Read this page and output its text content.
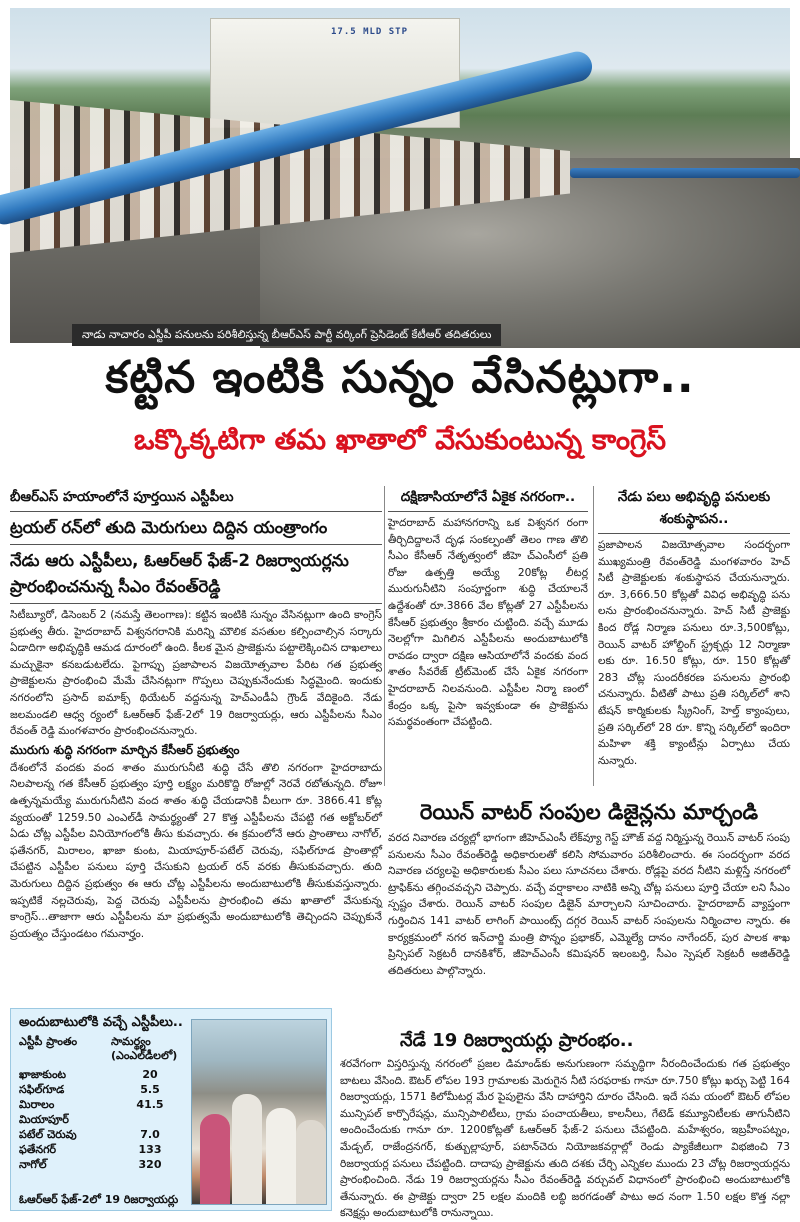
17.5 MLD STP
నాడు నాచారం ఎస్టీపీ పనులను పరిశీలిస్తున్న బీఆర్ఎస్ పార్టీ వర్కింగ్ ప్రెసిడెంట్ కేటీఆర్ తదితరులు
కట్టిన ఇంటికి సున్నం వేసినట్లుగా..
ఒక్కొక్కటిగా తమ ఖాతాలో వేసుకుంటున్న కాంగ్రెస్
బీఆర్ఎస్ హయాంలోనే పూర్తయిన ఎస్టీపీలు
ట్రయల్ రన్‌లో తుది మెరుగులు దిద్దిన యంత్రాంగం
నేడు ఆరు ఎస్టీపీలు, ఓఆర్ఆర్ ఫేజ్-2 రిజర్వాయర్లను ప్రారంభించనున్న సీఎం రేవంత్‌రెడ్డి

సిటీబ్యూరో, డిసెంబర్ 2 (నమస్తే తెలంగాణ): కట్టిన ఇంటికి సున్నం వేసినట్లుగా ఉంది కాంగ్రెస్ ప్రభుత్వ తీరు. హైదరాబాద్ విశ్వనగరానికి మరిన్ని మౌలిక వసతుల కల్పించాల్సిన సర్కారు ఏడాదిగా అభివృద్ధికి ఆమడ దూరంలో ఉంది. కీలక మైన ప్రాజెక్టును పట్టాలెక్కించిన దాఖలాలు మచ్చుకైనా కనబడుటలేదు. పైగాప్పు ప్రజాపాలన విజయోత్సవాల పేరిట గత ప్రభుత్వ ప్రాజెక్టులను ప్రారంభించి మేమే చేసినట్లుగా గొప్పలు చెప్పుకునేందుకు సిద్ధమైంది. ఇందుకు నగరంలోని ప్రసాద్ ఐమాక్స్ థియేటర్ వద్దనున్న హెచ్ఎండీఏ గ్రౌండ్ వేదికైంది. నేడు జలమండలి ఆధ్వ ర్యంలో ఓఆర్ఆర్ ఫేజ్-2లో 19 రిజర్వాయర్లు, ఆరు ఎస్టీపీలను సీఎం రేవంత్ రెడ్డి మంగళవారం ప్రారంభించనున్నారు.

మురుగు శుద్ధి నగరంగా మార్చిన కేసీఆర్ ప్రభుత్వం

దేశంలోనే వందకు వంద శాతం మురుగునీటి శుద్ధి చేసే తొలి నగరంగా హైదరాబాదు నిలపాలన్న గత కేసీఆర్ ప్రభుత్వం పూర్తి లక్ష్యం మరికొద్ది రోజుల్లో నెరవే రబోతున్నది. రోజూ ఉత్పన్నమయ్యే మురుగునీటిని వంద శాతం శుద్ధి చేయడానికి వీలుగా రూ. 3866.41 కోట్ల వ్యయంతో 1259.50 ఎంఎల్‌డీ సామర్థ్యంతో 27 కొత్త ఎస్టీపీలను చేపట్టి గత అక్టోబర్‌లో ఏడు చోట్ల ఎస్టీపీల వినియోగంలోకి తీసు కువచ్చారు. ఈ క్రమంలోనే ఆరు ప్రాంతాలు నాగోల్, ఫతేనగర్, మిరాలం, ఖాజా కుంట, మియాపూర్-పటేల్ చెరువు, సఫిల్‌గూడ ప్రాంతాల్లో చేపట్టిన ఎస్టీపీల పనులు పూర్తి చేసుకుని ట్రయల్ రన్ వరకు తీసుకువచ్చారు. తుది మెరుగులు దిద్దిన ప్రభుత్వం ఈ ఆరు చోట్ల ఎస్టీపీలను అందుబాటులోకి తీసుకువస్తున్నారు. ఇప్పటికే నల్లచెరువు, పెద్ద చెరువు ఎస్టీపీలను ప్రారంభించి తమ ఖాతాలో వేసుకున్న కాంగ్రెస్...తాజాగా ఆరు ఎస్టీపీలను మా ప్రభుత్వమే అందుబాటులోకి తెచ్చిందని చెప్పుకునే ప్రయత్నం చేస్తుండటం గమనార్హం.

దక్షిణాసియాలోనే ఏకైక నగరంగా..

హైదరాబాద్ మహానగరాన్ని ఒక విశ్వనగ రంగా తీర్చిదిద్దాలనే దృఢ సంకల్పంతో తెలం గాణ తొలి సీఎం కేసీఆర్ నేతృత్వంలో జీహె చ్ఎంసీలో ప్రతి రోజు ఉత్పత్తి అయ్యే 20కోట్ల లీటర్ల మురుగునీటిని సంపూర్ణంగా శుద్ధి చేయాలనే ఉద్దేశంతో రూ.3866 వేల కోట్లతో 27 ఎస్టీపీలను కేసీఆర్ ప్రభుత్వం శ్రీకారం చుట్టింది. వచ్చే మూడు నెలల్లోగా మిగిలిన ఎస్టీపీలను అందుబాటులోకి రావడం ద్వారా దక్షిణ ఆసియాలోనే వందకు వంద శాతం సీవరేజ్ ట్రీట్‌మెంట్ చేసే ఏకైక నగరంగా హైదరాబాద్ నిలవనుంది. ఎస్టీపీల నిర్మా ణంలో కేంద్రం ఒక్క పైసా ఇవ్వకుండా ఈ ప్రాజెక్టును సమర్థవంతంగా చేపట్టింది.

నేడు పలు అభివృద్ధి పనులకు శంకుస్థాపన..

ప్రజాపాలన విజయోత్సవాల సందర్భంగా ముఖ్యమంత్రి రేవంత్‌రెడ్డి మంగళవారం హెచ్ సిటీ ప్రాజెక్టులకు శంకుస్థాపన చేయనున్నారు. రూ. 3,666.50 కోట్లతో వివిధ అభివృద్ధి పను లను ప్రారంభించనున్నారు. హెచ్ సిటీ ప్రాజెక్టు కింద రోడ్ల నిర్మాణ పనులు రూ.3,500కోట్లు, రెయిన్ వాటర్ హోల్డింగ్ స్ట్రక్చర్లు 12 నిర్మాణా లకు రూ. 16.50 కోట్లు, రూ. 150 కోట్లతో 283 చోట్ల సుందరీకరణ పనులను ప్రారంభి చనున్నారు. వీటితో పాటు ప్రతి సర్కిల్‌లో శాని టేషన్ కార్మికులకు స్క్రీనింగ్, హెల్త్ క్యాంపులు, ప్రతి సర్కిల్‌లో 28 రూ. కొన్ని సర్కిల్‌లో ఇందిరా మహిళా శక్తి క్యాంటీన్లు ఏర్పాటు చేయ నున్నారు.

రెయిన్ వాటర్ సంపుల డిజైన్లను మార్చండి

వరద నివారణ చర్యల్లో భాగంగా జీహెచ్ఎంసీ లేక్‌వ్యూ గెస్ట్ హౌజ్ వద్ద నిర్మిస్తున్న రెయిన్ వాటర్ సంపు పనులను సీఎం రేవంత్‌రెడ్డి అధికారులతో కలిసి సోమవారం పరిశీలించారు. ఈ సందర్భంగా వరద నివారణ చర్యలపై అధికారులకు సీఎం పలు సూచనలు చేశారు. రోడ్లపై వరద నీటిని మళ్లిస్తే నగరంలో ట్రాఫిక్‌ను తగ్గించవచ్చని చెప్పారు. వచ్చే వర్షాకాలం నాటికి అన్ని చోట్ల పనులు పూర్తి చేయా లని సీఎం స్పష్టం చేశారు. రెయిన్ వాటర్ సంపుల డిజైన్ మార్చాలని సూచించారు. హైదరాబాద్ వ్యాప్తంగా గుర్తించిన 141 వాటర్ లాగింగ్ పాయింట్స్ దగ్గర రెయిన్ వాటర్ సంపులను నిర్మించాల న్నారు. ఈ కార్యక్రమంలో నగర ఇన్‌చార్జి మంత్రి పొన్నం ప్రభాకర్, ఎమ్మెల్యే దానం నాగేందర్, పుర పాలక శాఖ ప్రిన్సిపల్ సెక్రటరీ దానకిశోర్, జీహెచ్ఎంసీ కమిషనర్ ఇలంబర్తి, సీఎం స్పెషల్ సెక్రటరీ అజిత్‌రెడ్డి తదితరులు పాల్గొన్నారు.

నేడే 19 రిజర్వాయర్లు ప్రారంభం..

శరవేగంగా విస్తరిస్తున్న నగరంలో ప్రజల డిమాండ్‌కు అనుగుణంగా సమృద్ధిగా నీరందించేందుకు గత ప్రభుత్వం బాటలు వేసింది. ఔటర్ లోపల 193 గ్రామాలకు మెరుగైన నీటి సరఫరాకు గానూ రూ.750 కోట్లు ఖర్చు పెట్టి 164 రిజర్వాయర్లు, 1571 కిలోమీటర్ల మేర పైపులైను వేసి దాహార్తిని దూరం చేసింది. ఇదే సమ యంలో ఔటర్ లోపల మున్సిపల్ కార్పొరేషన్లు, మున్సిపాలిటీలు, గ్రామ పంచాయతీలు, కాలనీలు, గేటెడ్ కమ్యూనిటీలకు తాగునీటిని అందించేందుకు గానూ రూ. 1200కోట్లతో ఓఆర్ఆర్ ఫేజ్-2 పనులు చేపట్టింది. మహేశ్వరం, ఇబ్రహీంపట్నం, మేడ్చల్, రాజేంద్రనగర్, కుత్బుల్లాపూర్, పటాన్‌చెరు నియోజకవర్గాల్లో రెండు ప్యాకేజీలుగా విభజించి 73 రిజర్వాయర్ల పనులు చేపట్టింది. దాదాపు ప్రాజెక్టును తుది దశకు చేర్చి ఎన్నికల ముందు 23 చోట్ల రిజర్వాయర్లను ప్రారంభించింది. నేడు 19 రిజర్వాయర్లను సీఎం రేవంత్‌రెడ్డి వర్చువల్ విధానంలో ప్రారంభించి అందుబాటులోకి తేనున్నారు. ఈ ప్రాజెక్టు ద్వారా 25 లక్షల మందికి లబ్ధి జరగడంతో పాటు అద నంగా 1.50 లక్షల కొత్త నల్లా కనెక్షన్లు అందుబాటులోకి రానున్నాయి.

అందుబాటులోకి వచ్చే ఎస్టీపీలు..
ఎస్టీపీ ప్రాంతం	సామర్థ్యం
(ఎంఎల్‌డీలలో)
ఖాజాకుంట	20
సఫిల్‌గూడ	5.5
మిరాలం	41.5
మియాపూర్
పటేల్ చెరువు	7.0
ఫతేనగర్	133
నాగోల్	320
ఓఆర్ఆర్ ఫేజ్-2లో 19 రిజర్వాయర్లు
